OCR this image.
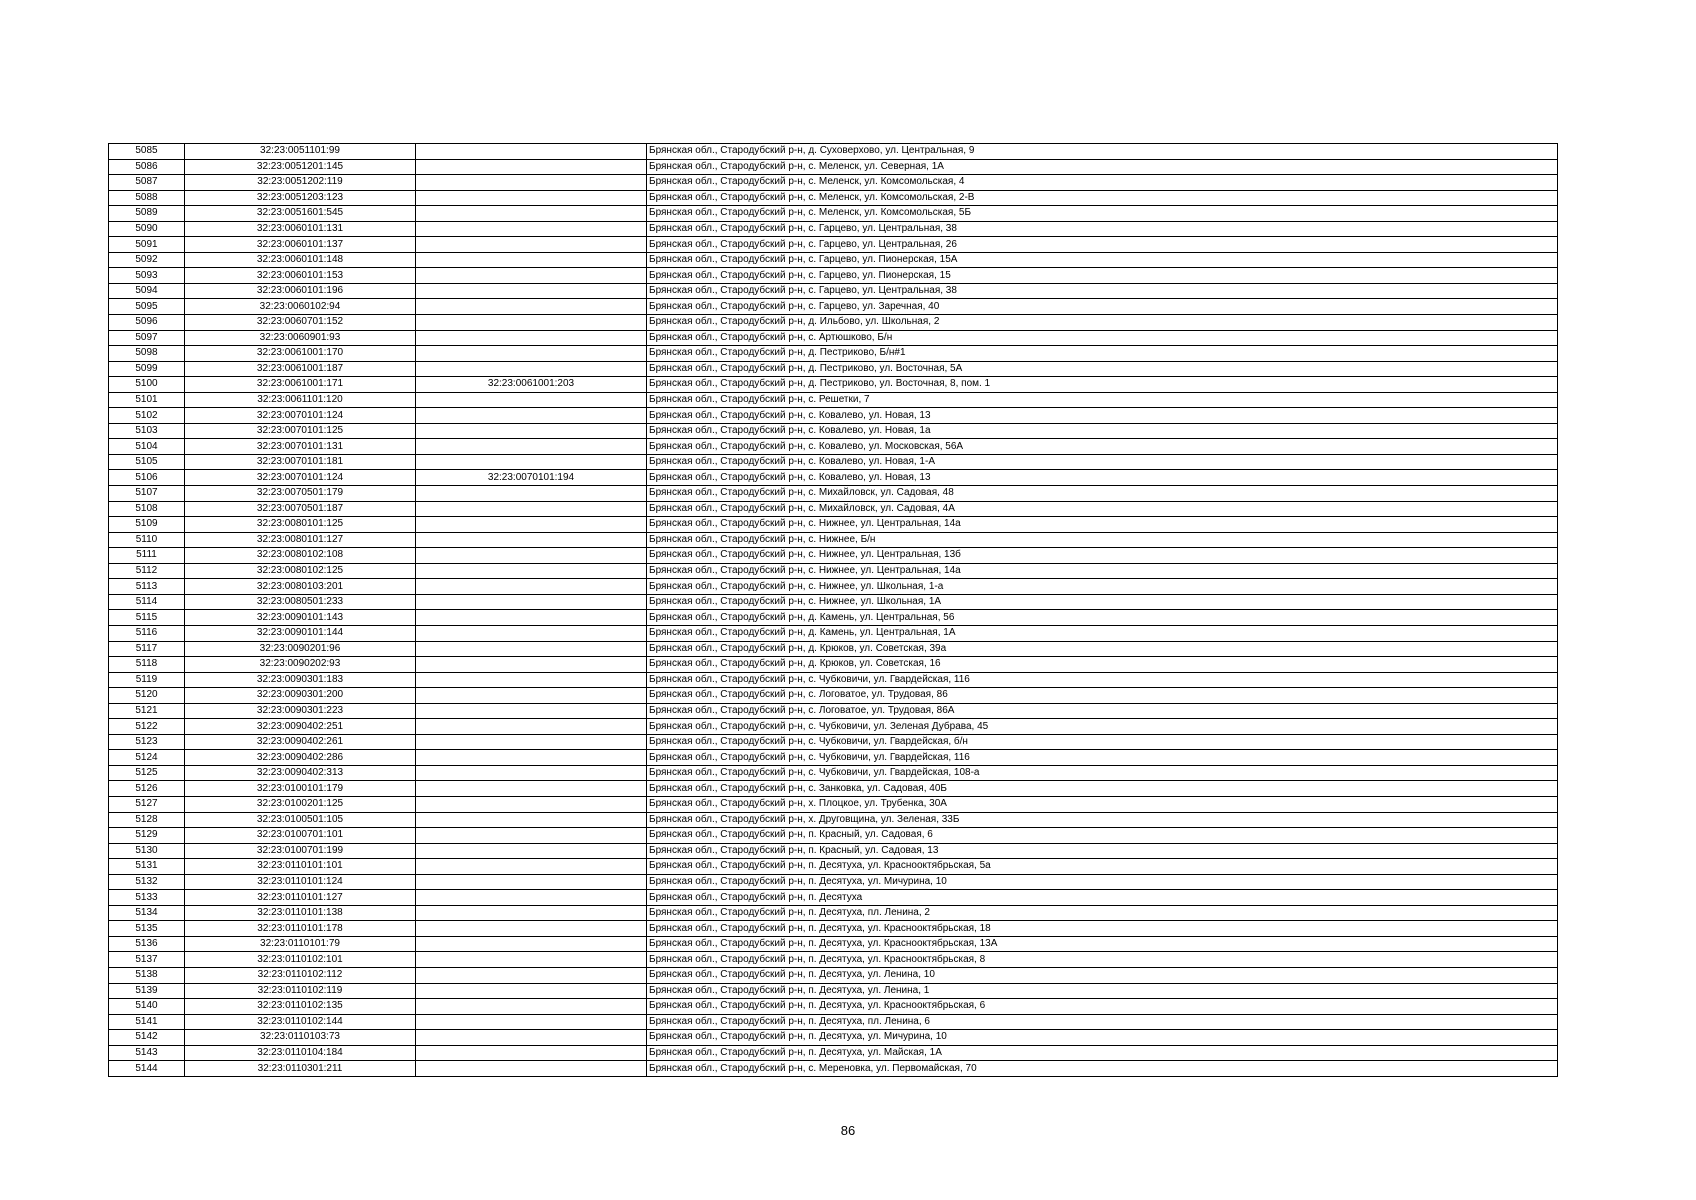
5085	32:23:0051101:99		Брянская обл., Стародубский р-н, д. Суховерхово, ул. Центральная, 9
5086	32:23:0051201:145		Брянская обл., Стародубский р-н, с. Меленск, ул. Северная, 1А
5087	32:23:0051202:119		Брянская обл., Стародубский р-н, с. Меленск, ул. Комсомольская, 4
5088	32:23:0051203:123		Брянская обл., Стародубский р-н, с. Меленск, ул. Комсомольская, 2-В
5089	32:23:0051601:545		Брянская обл., Стародубский р-н, с. Меленск, ул. Комсомольская, 5Б
5090	32:23:0060101:131		Брянская обл., Стародубский р-н, с. Гарцево, ул. Центральная, 38
5091	32:23:0060101:137		Брянская обл., Стародубский р-н, с. Гарцево, ул. Центральная, 26
5092	32:23:0060101:148		Брянская обл., Стародубский р-н, с. Гарцево, ул. Пионерская, 15А
5093	32:23:0060101:153		Брянская обл., Стародубский р-н, с. Гарцево, ул. Пионерская, 15
5094	32:23:0060101:196		Брянская обл., Стародубский р-н, с. Гарцево, ул. Центральная, 38
5095	32:23:0060102:94		Брянская обл., Стародубский р-н, с. Гарцево, ул. Заречная, 40
5096	32:23:0060701:152		Брянская обл., Стародубский р-н, д. Ильбово, ул. Школьная, 2
5097	32:23:0060901:93		Брянская обл., Стародубский р-н, с. Артюшково, Б/н
5098	32:23:0061001:170		Брянская обл., Стародубский р-н, д. Пестриково, Б/н#1
5099	32:23:0061001:187		Брянская обл., Стародубский р-н, д. Пестриково, ул. Восточная, 5А
5100	32:23:0061001:171	32:23:0061001:203	Брянская обл., Стародубский р-н, д. Пестриково, ул. Восточная, 8, пом. 1
5101	32:23:0061101:120		Брянская обл., Стародубский р-н, с. Решетки, 7
5102	32:23:0070101:124		Брянская обл., Стародубский р-н, с. Ковалево, ул. Новая, 13
5103	32:23:0070101:125		Брянская обл., Стародубский р-н, с. Ковалево, ул. Новая, 1а
5104	32:23:0070101:131		Брянская обл., Стародубский р-н, с. Ковалево, ул. Московская, 56А
5105	32:23:0070101:181		Брянская обл., Стародубский р-н, с. Ковалево, ул. Новая, 1-А
5106	32:23:0070101:124	32:23:0070101:194	Брянская обл., Стародубский р-н, с. Ковалево, ул. Новая, 13
5107	32:23:0070501:179		Брянская обл., Стародубский р-н, с. Михайловск, ул. Садовая, 48
5108	32:23:0070501:187		Брянская обл., Стародубский р-н, с. Михайловск, ул. Садовая, 4А
5109	32:23:0080101:125		Брянская обл., Стародубский р-н, с. Нижнее, ул. Центральная, 14а
5110	32:23:0080101:127		Брянская обл., Стародубский р-н, с. Нижнее, Б/н
5111	32:23:0080102:108		Брянская обл., Стародубский р-н, с. Нижнее, ул. Центральная, 13б
5112	32:23:0080102:125		Брянская обл., Стародубский р-н, с. Нижнее, ул. Центральная, 14а
5113	32:23:0080103:201		Брянская обл., Стародубский р-н, с. Нижнее, ул. Школьная, 1-а
5114	32:23:0080501:233		Брянская обл., Стародубский р-н, с. Нижнее, ул. Школьная, 1А
5115	32:23:0090101:143		Брянская обл., Стародубский р-н, д. Камень, ул. Центральная, 56
5116	32:23:0090101:144		Брянская обл., Стародубский р-н, д. Камень, ул. Центральная, 1А
5117	32:23:0090201:96		Брянская обл., Стародубский р-н, д. Крюков, ул. Советская, 39а
5118	32:23:0090202:93		Брянская обл., Стародубский р-н, д. Крюков, ул. Советская, 16
5119	32:23:0090301:183		Брянская обл., Стародубский р-н, с. Чубковичи, ул. Гвардейская, 116
5120	32:23:0090301:200		Брянская обл., Стародубский р-н, с. Логоватое, ул. Трудовая, 86
5121	32:23:0090301:223		Брянская обл., Стародубский р-н, с. Логоватое, ул. Трудовая, 86А
5122	32:23:0090402:251		Брянская обл., Стародубский р-н, с. Чубковичи, ул. Зеленая Дубрава, 45
5123	32:23:0090402:261		Брянская обл., Стародубский р-н, с. Чубковичи, ул. Гвардейская, б/н
5124	32:23:0090402:286		Брянская обл., Стародубский р-н, с. Чубковичи, ул. Гвардейская, 116
5125	32:23:0090402:313		Брянская обл., Стародубский р-н, с. Чубковичи, ул. Гвардейская, 108-а
5126	32:23:0100101:179		Брянская обл., Стародубский р-н, с. Занковка, ул. Садовая, 40Б
5127	32:23:0100201:125		Брянская обл., Стародубский р-н, х. Плоцкое, ул. Трубенка, 30А
5128	32:23:0100501:105		Брянская обл., Стародубский р-н, х. Друговщина, ул. Зеленая, 33Б
5129	32:23:0100701:101		Брянская обл., Стародубский р-н, п. Красный, ул. Садовая, 6
5130	32:23:0100701:199		Брянская обл., Стародубский р-н, п. Красный, ул. Садовая, 13
5131	32:23:0110101:101		Брянская обл., Стародубский р-н, п. Десятуха, ул. Краснооктябрьская, 5а
5132	32:23:0110101:124		Брянская обл., Стародубский р-н, п. Десятуха, ул. Мичурина, 10
5133	32:23:0110101:127		Брянская обл., Стародубский р-н, п. Десятуха
5134	32:23:0110101:138		Брянская обл., Стародубский р-н, п. Десятуха, пл. Ленина, 2
5135	32:23:0110101:178		Брянская обл., Стародубский р-н, п. Десятуха, ул. Краснооктябрьская, 18
5136	32:23:0110101:79		Брянская обл., Стародубский р-н, п. Десятуха, ул. Краснооктябрьская, 13А
5137	32:23:0110102:101		Брянская обл., Стародубский р-н, п. Десятуха, ул. Краснооктябрьская, 8
5138	32:23:0110102:112		Брянская обл., Стародубский р-н, п. Десятуха, ул. Ленина, 10
5139	32:23:0110102:119		Брянская обл., Стародубский р-н, п. Десятуха, ул. Ленина, 1
5140	32:23:0110102:135		Брянская обл., Стародубский р-н, п. Десятуха, ул. Краснооктябрьская, 6
5141	32:23:0110102:144		Брянская обл., Стародубский р-н, п. Десятуха, пл. Ленина, 6
5142	32:23:0110103:73		Брянская обл., Стародубский р-н, п. Десятуха, ул. Мичурина, 10
5143	32:23:0110104:184		Брянская обл., Стародубский р-н, п. Десятуха, ул. Майская, 1А
5144	32:23:0110301:211		Брянская обл., Стародубский р-н, с. Мереновка, ул. Первомайская, 70
86
